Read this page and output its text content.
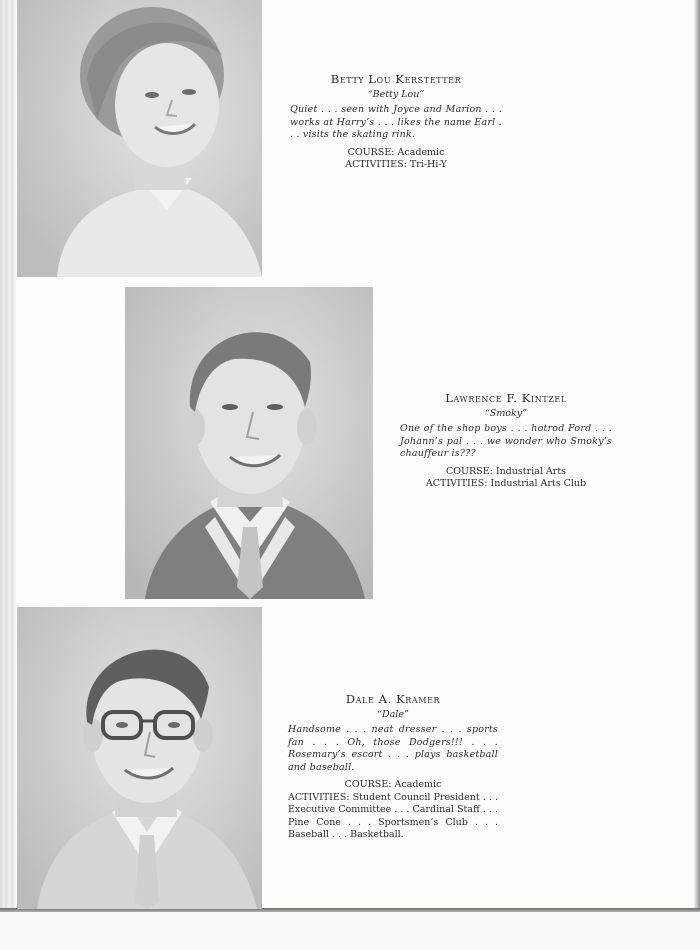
Betty Lou Kerstetter
“Betty Lou”
Quiet . . . seen with Joyce and Marion . . . works at Harry’s . . . likes the name Earl . . . visits the skating rink.
COURSE: Academic
ACTIVITIES: Tri-Hi-Y
Lawrence F. Kintzel
“Smoky”
One of the shop boys . . . hotrod Ford . . . Johann’s pal . . . we wonder who Smoky’s chauffeur is???
COURSE: Industrial Arts
ACTIVITIES: Industrial Arts Club
Dale A. Kramer
“Dale”
Handsome . . . neat dresser . . . sports fan . . . Oh, those Dodgers!!! . . . Rosemary’s escort . . . plays basketball and baseball.
COURSE: Academic
ACTIVITIES: Student Council President . . . Executive Committee . . . Cardinal Staff . . . Pine Cone . . . Sportsmen’s Club . . . Baseball . . . Basketball.
